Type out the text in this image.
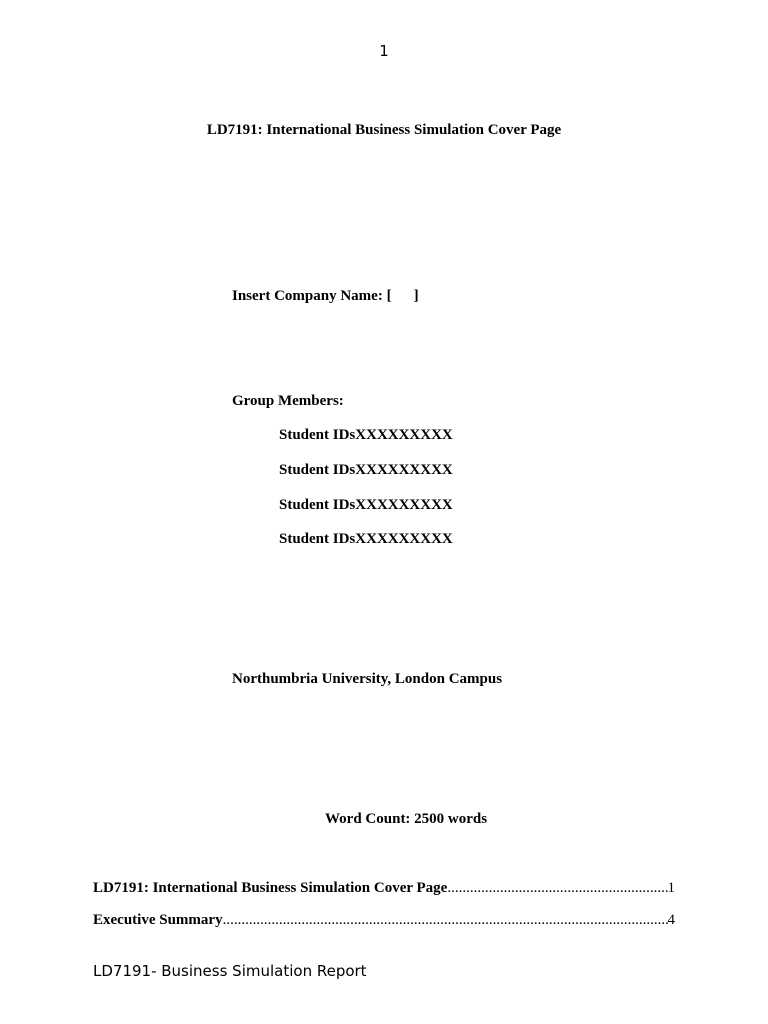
1
LD7191: International Business Simulation Cover Page
Insert Company Name: [ ]
Group Members:
Student IDsXXXXXXXXX
Student IDsXXXXXXXXX
Student IDsXXXXXXXXX
Student IDsXXXXXXXXX
Northumbria University, London Campus
Word Count: 2500 words
LD7191: International Business Simulation Cover Page .....	1
Executive Summary .....	4
LD7191- Business Simulation Report
